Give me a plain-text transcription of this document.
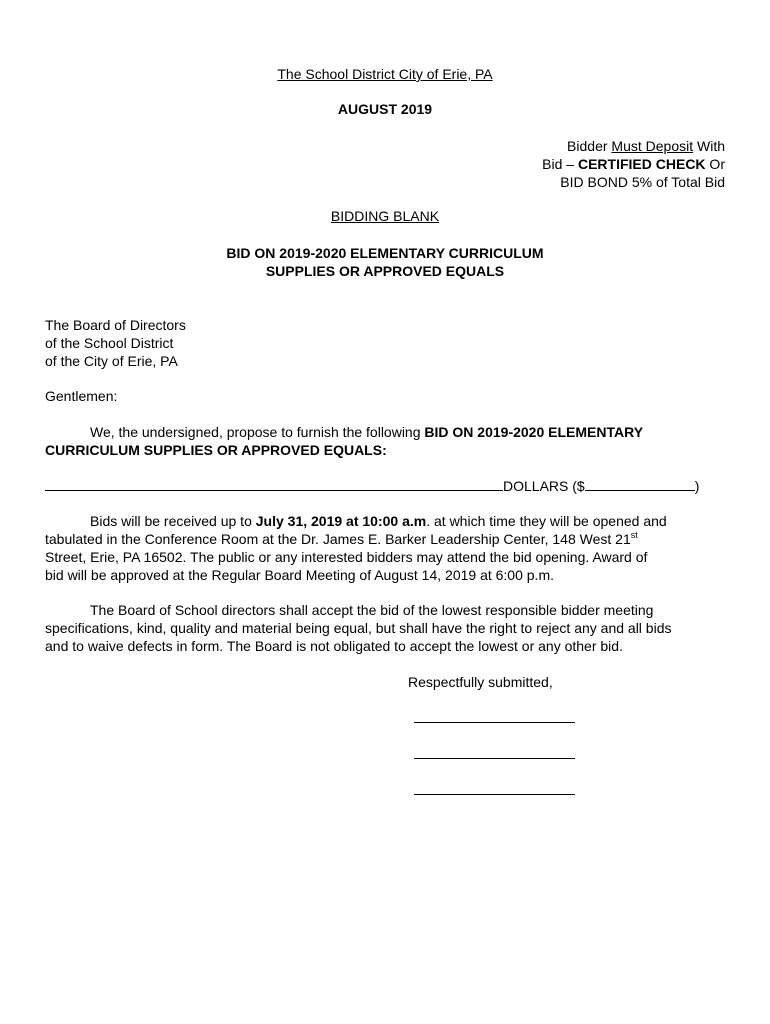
The School District City of Erie, PA
AUGUST 2019
Bidder Must Deposit With
Bid – CERTIFIED CHECK Or
BID BOND 5% of Total Bid
BIDDING BLANK
BID ON 2019-2020 ELEMENTARY CURRICULUM
SUPPLIES OR APPROVED EQUALS
The Board of Directors
of the School District
of the City of Erie, PA
Gentlemen:
We, the undersigned, propose to furnish the following BID ON 2019-2020 ELEMENTARY
CURRICULUM SUPPLIES OR APPROVED EQUALS:
DOLLARS ($	)
Bids will be received up to July 31, 2019 at 10:00 a.m. at which time they will be opened and
tabulated in the Conference Room at the Dr. James E. Barker Leadership Center, 148 West 21st
Street, Erie, PA 16502. The public or any interested bidders may attend the bid opening. Award of
bid will be approved at the Regular Board Meeting of August 14, 2019 at 6:00 p.m.
The Board of School directors shall accept the bid of the lowest responsible bidder meeting
specifications, kind, quality and material being equal, but shall have the right to reject any and all bids
and to waive defects in form. The Board is not obligated to accept the lowest or any other bid.
Respectfully submitted,
